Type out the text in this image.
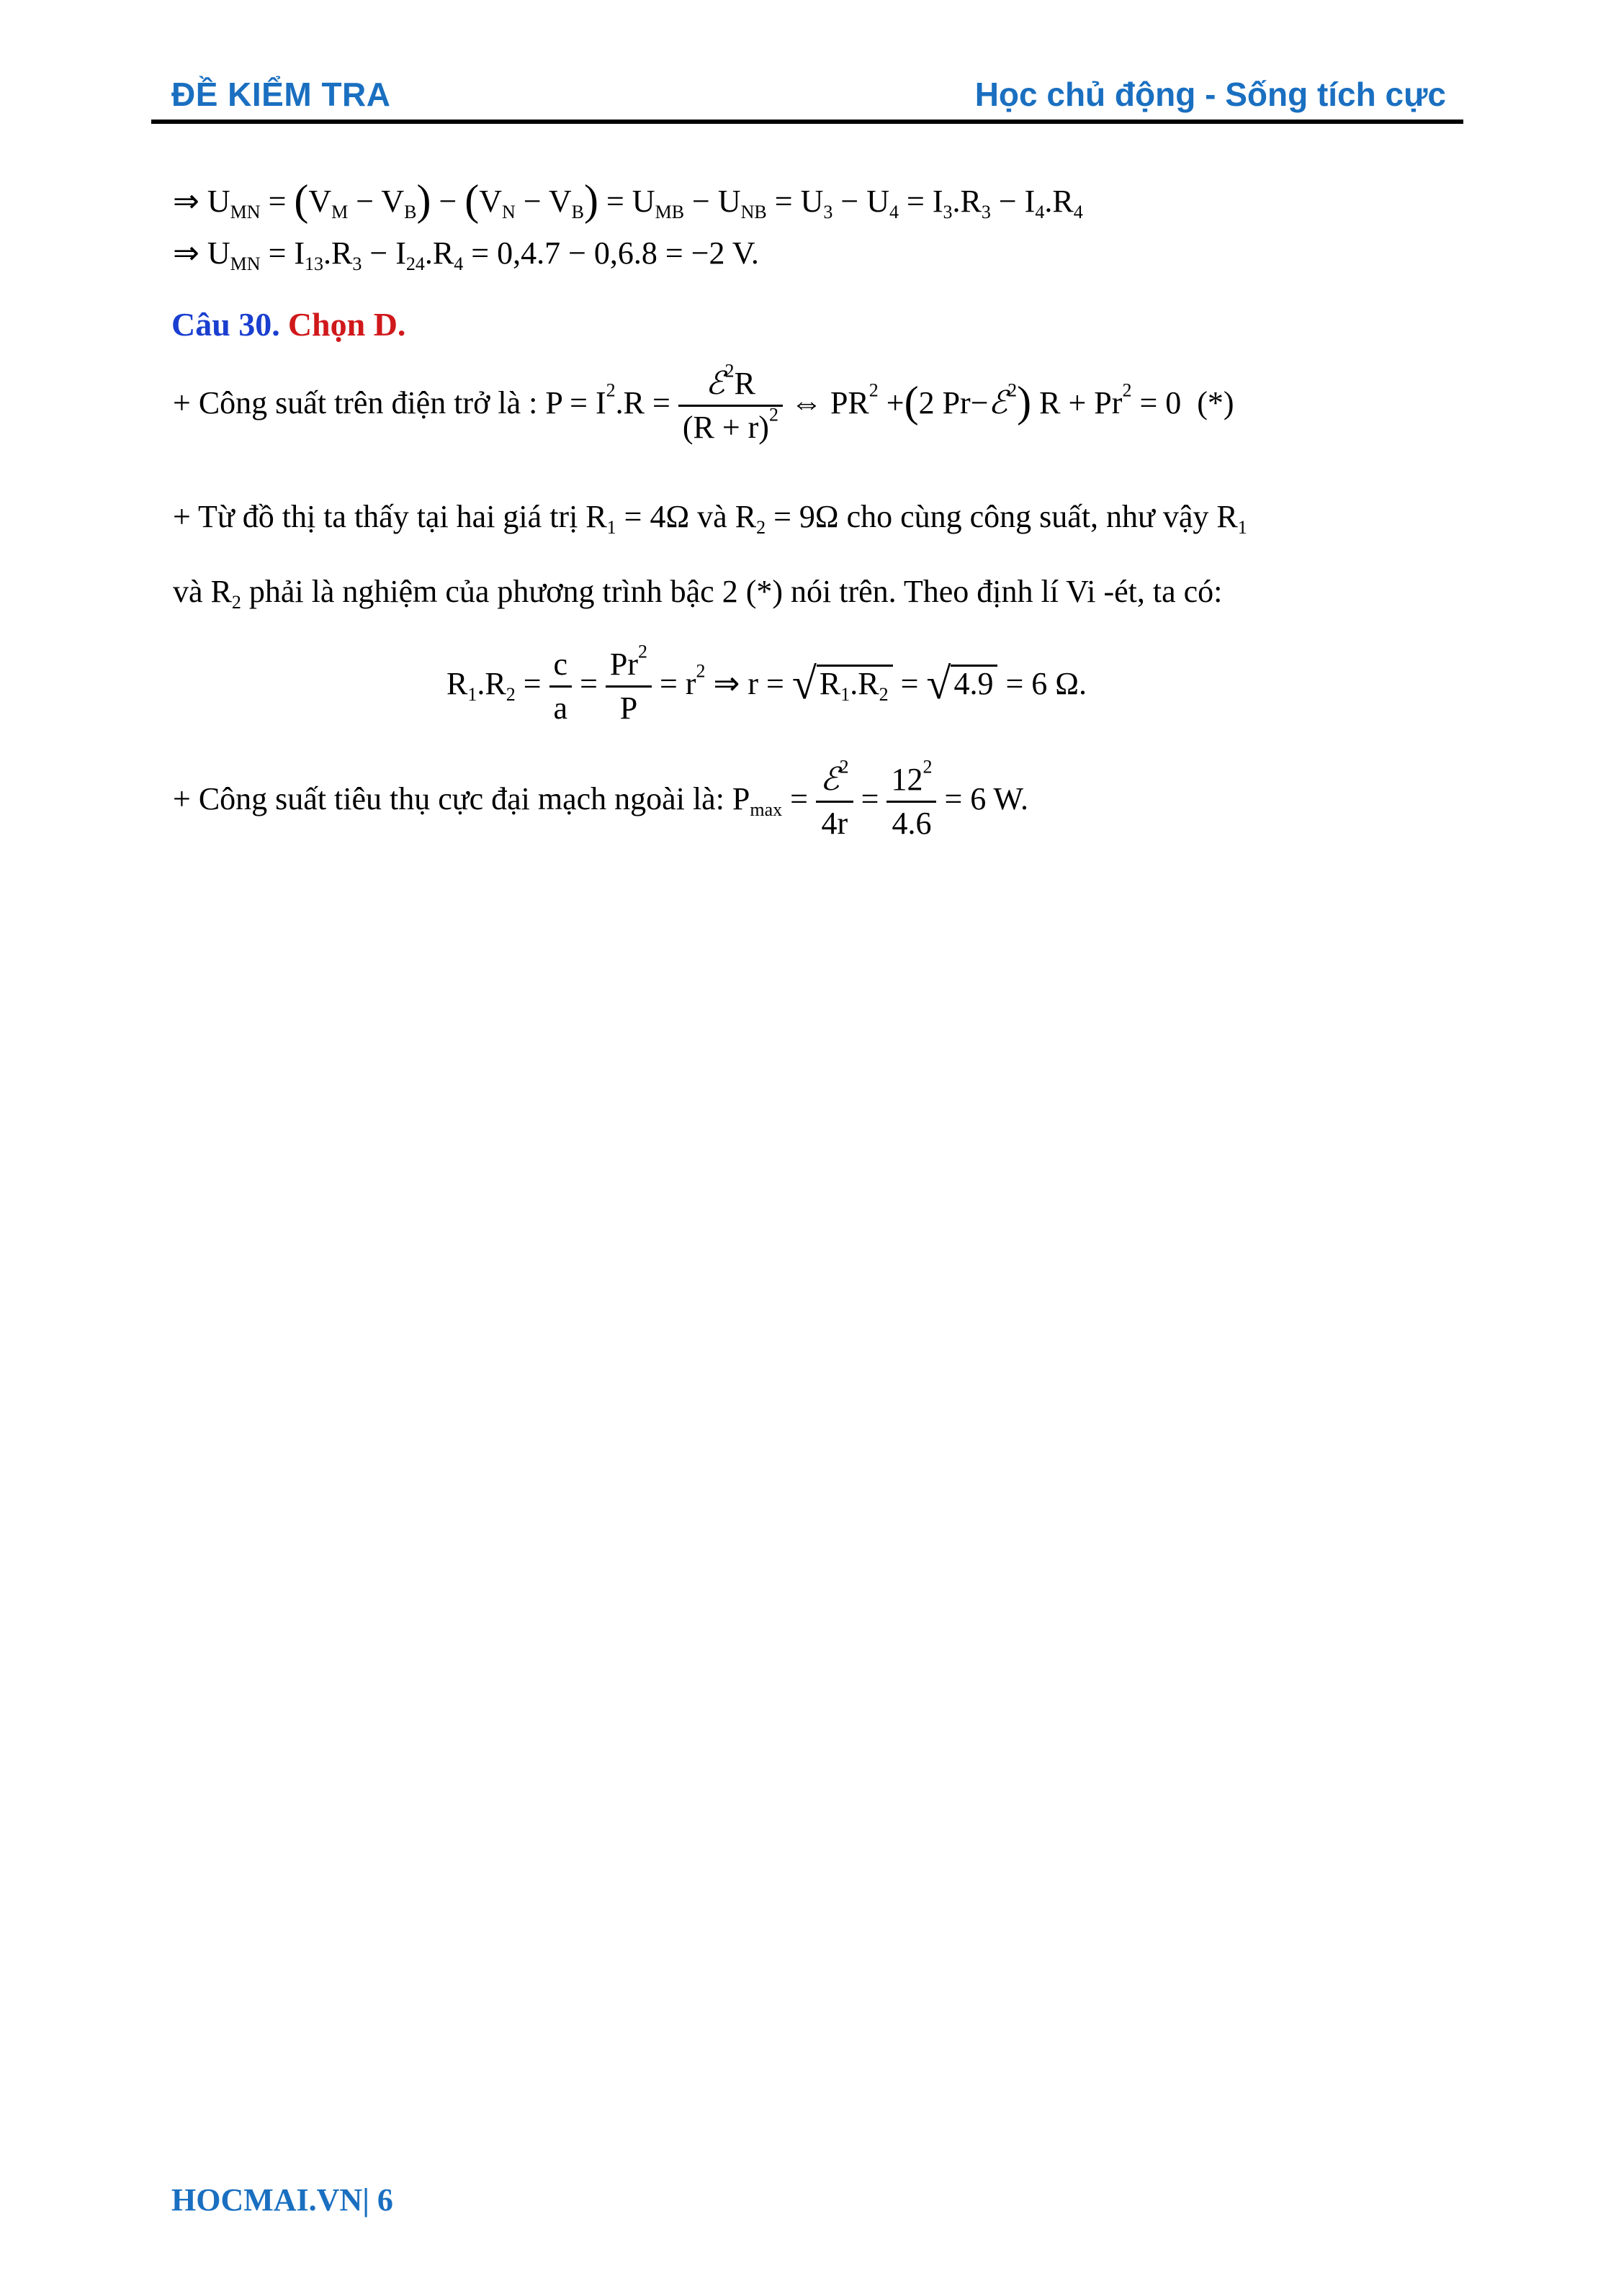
ĐỀ KIỂM TRA	Học chủ động - Sống tích cực
⇒ $U_{MN} = (V_M - V_B) - (V_N - V_B) = U_{MB} - U_{NB} = U_3 - U_4 = I_3.R_3 - I_4.R_4$
⇒ $U_{MN} = I_{13}.R_3 - I_{24}.R_4 = 0,4.7 - 0,6.8 = -2$ V.
Câu 30. Chọn D.
+ Công suất trên điện trở là : $P = I^2.R = \frac{ℰ^2R}{(R + r)^2}$ ⇔ $PR^2 +(2$ Pr−ℰ$^2$) $R + Pr^2 = 0$ (*)
+ Từ đồ thị ta thấy tại hai giá trị $R_1 = 4\Omega$ và $R_2 = 9\Omega$ cho cùng công suất, như vậy $R_1$
và $R_2$ phải là nghiệm của phương trình bậc 2 (*) nói trên. Theo định lí Vi -ét, ta có:
$R_1.R_2 = \frac{c}{a} = \frac{Pr^2}{P} = r^2$ ⇒ $r = √R_1.R_2 = √4.9 = 6$ Ω.
+ Công suất tiêu thụ cực đại mạch ngoài là: $P_{max} = \frac{ℰ^2}{4r} = \frac{12^2}{4.6} = 6$ W.
HOCMAI.VN| 6
